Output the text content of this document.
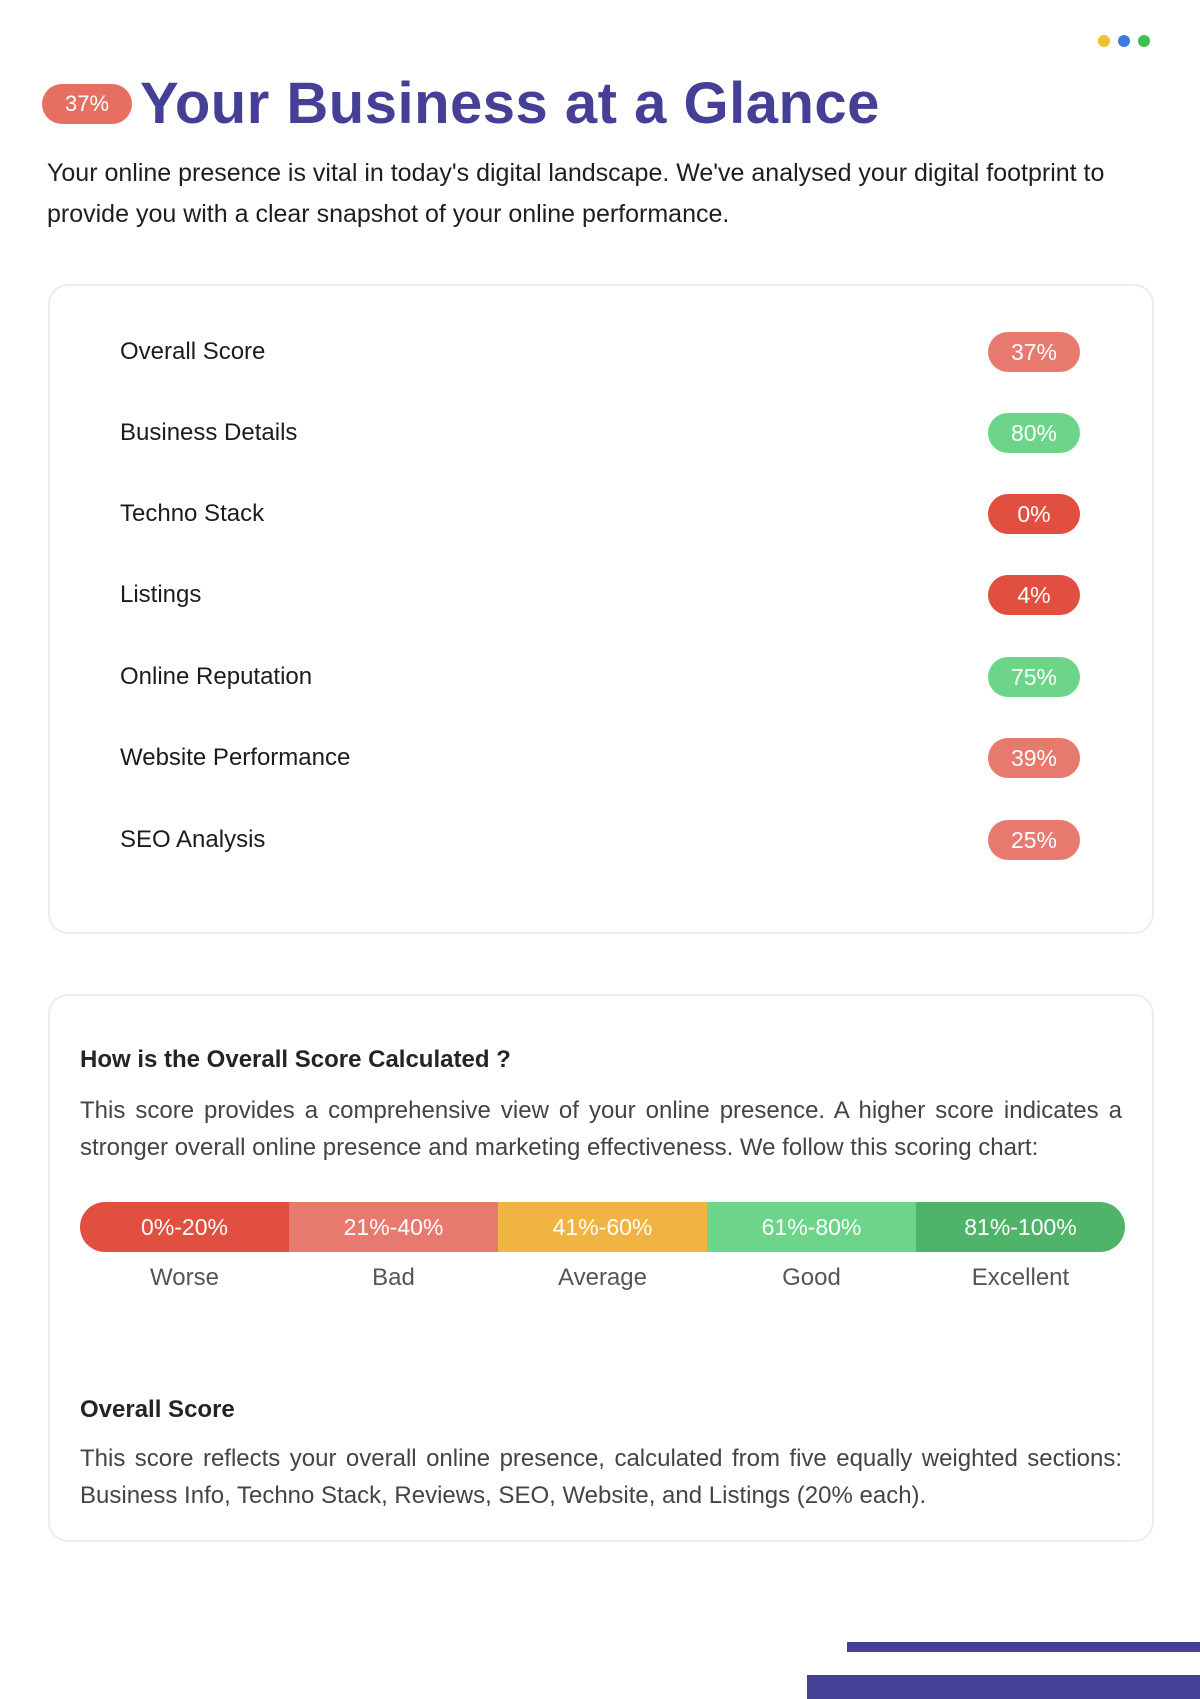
37% Your Business at a Glance

Your online presence is vital in today's digital landscape. We've analysed your digital footprint to provide you with a clear snapshot of your online performance.

Overall Score	37%
Business Details	80%
Techno Stack	0%
Listings	4%
Online Reputation	75%
Website Performance	39%
SEO Analysis	25%
How is the Overall Score Calculated ?

This score provides a comprehensive view of your online presence. A higher score indicates a stronger overall online presence and marketing effectiveness. We follow this scoring chart:

0%-20%	21%-40%	41%-60%	61%-80%	81%-100%
Worse	Bad	Average	Good	Excellent
Overall Score

This score reflects your overall online presence, calculated from five equally weighted sections: Business Info, Techno Stack, Reviews, SEO, Website, and Listings (20% each).
